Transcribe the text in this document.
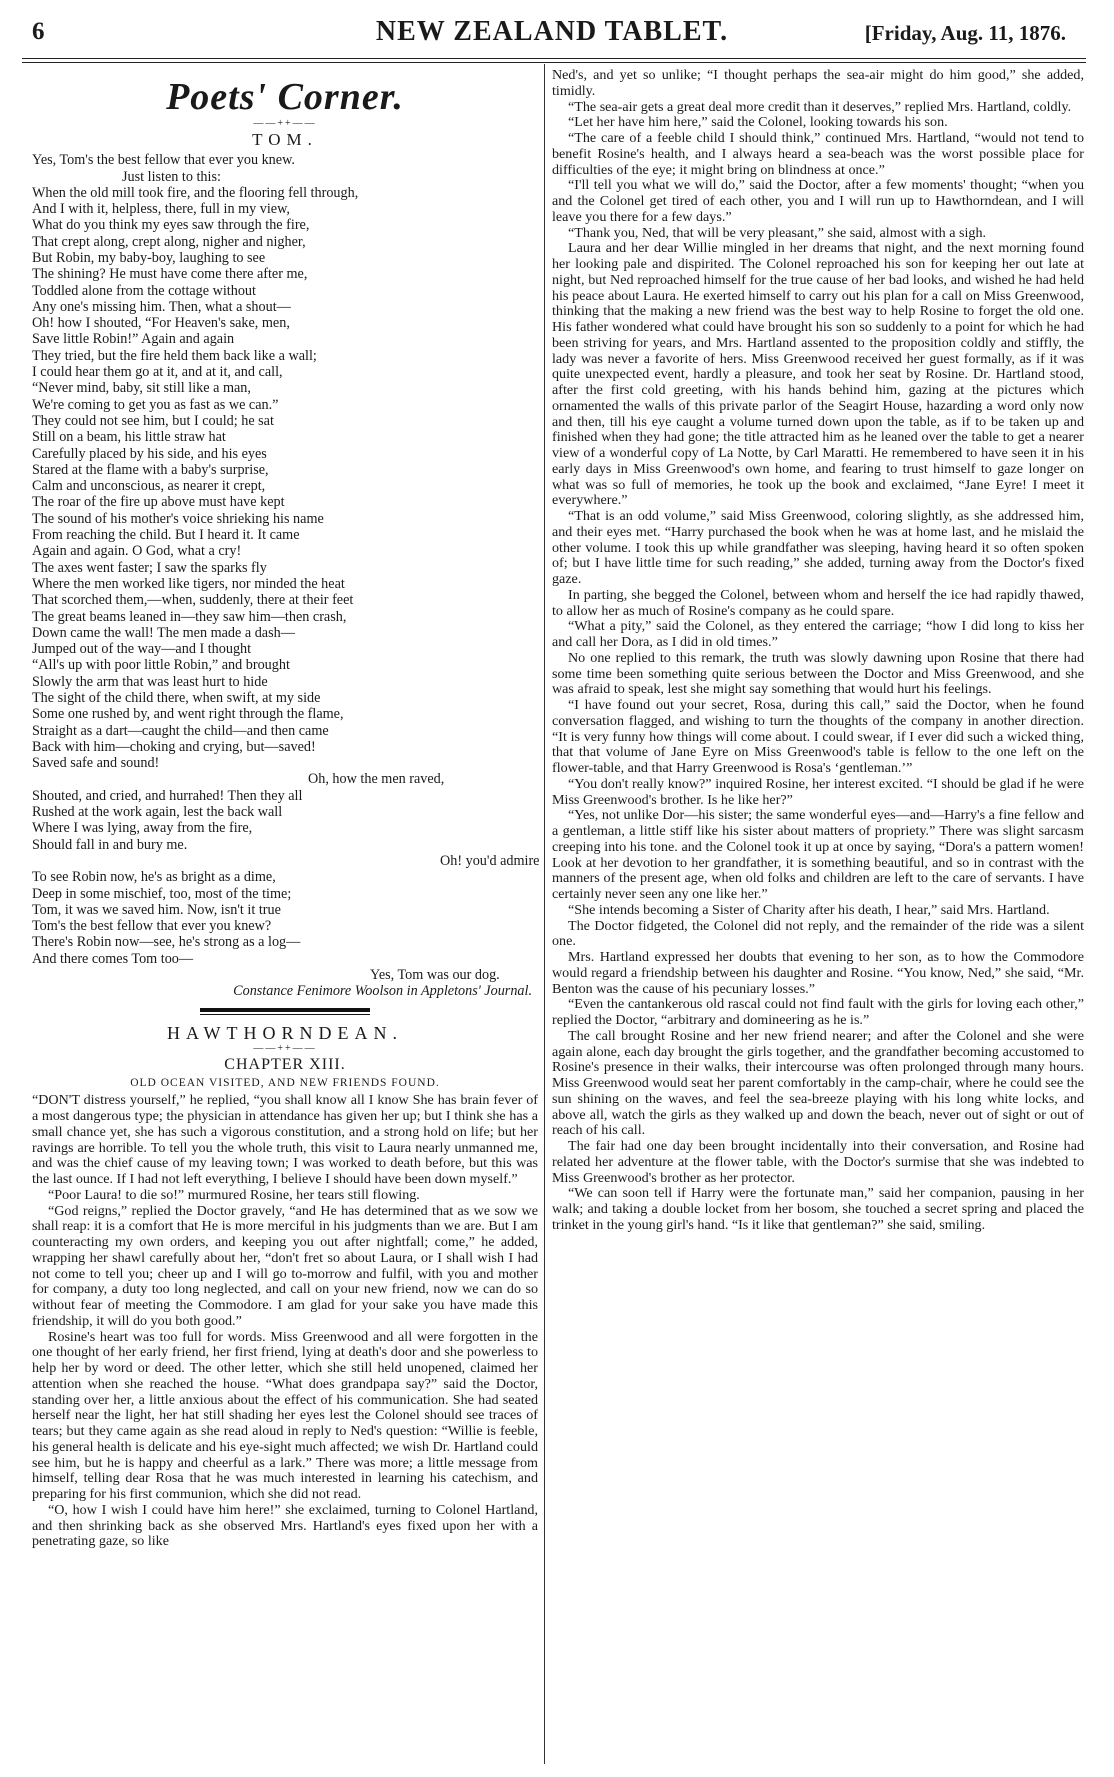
6	NEW ZEALAND TABLET.	[Friday, Aug. 11, 1876.
Poets' Corner.
——++——
TOM.

Yes, Tom's the best fellow that ever you knew.

Just listen to this:

When the old mill took fire, and the flooring fell through,

And I with it, helpless, there, full in my view,

What do you think my eyes saw through the fire,

That crept along, crept along, nigher and nigher,

But Robin, my baby-boy, laughing to see

The shining? He must have come there after me,

Toddled alone from the cottage without

Any one's missing him. Then, what a shout—

Oh! how I shouted, “For Heaven's sake, men,

Save little Robin!” Again and again

They tried, but the fire held them back like a wall;

I could hear them go at it, and at it, and call,

“Never mind, baby, sit still like a man,

We're coming to get you as fast as we can.”

They could not see him, but I could; he sat

Still on a beam, his little straw hat

Carefully placed by his side, and his eyes

Stared at the flame with a baby's surprise,

Calm and unconscious, as nearer it crept,

The roar of the fire up above must have kept

The sound of his mother's voice shrieking his name

From reaching the child. But I heard it. It came

Again and again. O God, what a cry!

The axes went faster; I saw the sparks fly

Where the men worked like tigers, nor minded the heat

That scorched them,—when, suddenly, there at their feet

The great beams leaned in—they saw him—then crash,

Down came the wall! The men made a dash—

Jumped out of the way—and I thought

“All's up with poor little Robin,” and brought

Slowly the arm that was least hurt to hide

The sight of the child there, when swift, at my side

Some one rushed by, and went right through the flame,

Straight as a dart—caught the child—and then came

Back with him—choking and crying, but—saved!

Saved safe and sound!

Oh, how the men raved,

Shouted, and cried, and hurrahed! Then they all

Rushed at the work again, lest the back wall

Where I was lying, away from the fire,

Should fall in and bury me.

Oh! you'd admire

To see Robin now, he's as bright as a dime,

Deep in some mischief, too, most of the time;

Tom, it was we saved him. Now, isn't it true

Tom's the best fellow that ever you knew?

There's Robin now—see, he's strong as a log—

And there comes Tom too—

Yes, Tom was our dog.

Constance Fenimore Woolson in Appletons' Journal.

HAWTHORNDEAN.
——++——
CHAPTER XIII.
OLD OCEAN VISITED, AND NEW FRIENDS FOUND.

“DON'T distress yourself,” he replied, “you shall know all I know She has brain fever of a most dangerous type; the physician in attendance has given her up; but I think she has a small chance yet, she has such a vigorous constitution, and a strong hold on life; but her ravings are horrible. To tell you the whole truth, this visit to Laura nearly unmanned me, and was the chief cause of my leaving town; I was worked to death before, but this was the last ounce. If I had not left everything, I believe I should have been down myself.”

“Poor Laura! to die so!” murmured Rosine, her tears still flowing.

“God reigns,” replied the Doctor gravely, “and He has determined that as we sow we shall reap: it is a comfort that He is more merciful in his judgments than we are. But I am counteracting my own orders, and keeping you out after nightfall; come,” he added, wrapping her shawl carefully about her, “don't fret so about Laura, or I shall wish I had not come to tell you; cheer up and I will go to-morrow and fulfil, with you and mother for company, a duty too long neglected, and call on your new friend, now we can do so without fear of meeting the Commodore. I am glad for your sake you have made this friendship, it will do you both good.”

Rosine's heart was too full for words. Miss Greenwood and all were forgotten in the one thought of her early friend, her first friend, lying at death's door and she powerless to help her by word or deed. The other letter, which she still held unopened, claimed her attention when she reached the house. “What does grandpapa say?” said the Doctor, standing over her, a little anxious about the effect of his communication. She had seated herself near the light, her hat still shading her eyes lest the Colonel should see traces of tears; but they came again as she read aloud in reply to Ned's question: “Willie is feeble, his general health is delicate and his eye-sight much affected; we wish Dr. Hartland could see him, but he is happy and cheerful as a lark.” There was more; a little message from himself, telling dear Rosa that he was much interested in learning his catechism, and preparing for his first communion, which she did not read.

“O, how I wish I could have him here!” she exclaimed, turning to Colonel Hartland, and then shrinking back as she observed Mrs. Hartland's eyes fixed upon her with a penetrating gaze, so like

Ned's, and yet so unlike; “I thought perhaps the sea-air might do him good,” she added, timidly.

“The sea-air gets a great deal more credit than it deserves,” replied Mrs. Hartland, coldly.

“Let her have him here,” said the Colonel, looking towards his son.

“The care of a feeble child I should think,” continued Mrs. Hartland, “would not tend to benefit Rosine's health, and I always heard a sea-beach was the worst possible place for difficulties of the eye; it might bring on blindness at once.”

“I'll tell you what we will do,” said the Doctor, after a few moments' thought; “when you and the Colonel get tired of each other, you and I will run up to Hawthorndean, and I will leave you there for a few days.”

“Thank you, Ned, that will be very pleasant,” she said, almost with a sigh.

Laura and her dear Willie mingled in her dreams that night, and the next morning found her looking pale and dispirited. The Colonel reproached his son for keeping her out late at night, but Ned reproached himself for the true cause of her bad looks, and wished he had held his peace about Laura. He exerted himself to carry out his plan for a call on Miss Greenwood, thinking that the making a new friend was the best way to help Rosine to forget the old one. His father wondered what could have brought his son so suddenly to a point for which he had been striving for years, and Mrs. Hartland assented to the proposition coldly and stiffly, the lady was never a favorite of hers. Miss Greenwood received her guest formally, as if it was quite unexpected event, hardly a pleasure, and took her seat by Rosine. Dr. Hartland stood, after the first cold greeting, with his hands behind him, gazing at the pictures which ornamented the walls of this private parlor of the Seagirt House, hazarding a word only now and then, till his eye caught a volume turned down upon the table, as if to be taken up and finished when they had gone; the title attracted him as he leaned over the table to get a nearer view of a wonderful copy of La Notte, by Carl Maratti. He remembered to have seen it in his early days in Miss Greenwood's own home, and fearing to trust himself to gaze longer on what was so full of memories, he took up the book and exclaimed, “Jane Eyre! I meet it everywhere.”

“That is an odd volume,” said Miss Greenwood, coloring slightly, as she addressed him, and their eyes met. “Harry purchased the book when he was at home last, and he mislaid the other volume. I took this up while grandfather was sleeping, having heard it so often spoken of; but I have little time for such reading,” she added, turning away from the Doctor's fixed gaze.

In parting, she begged the Colonel, between whom and herself the ice had rapidly thawed, to allow her as much of Rosine's company as he could spare.

“What a pity,” said the Colonel, as they entered the carriage; “how I did long to kiss her and call her Dora, as I did in old times.”

No one replied to this remark, the truth was slowly dawning upon Rosine that there had some time been something quite serious between the Doctor and Miss Greenwood, and she was afraid to speak, lest she might say something that would hurt his feelings.

“I have found out your secret, Rosa, during this call,” said the Doctor, when he found conversation flagged, and wishing to turn the thoughts of the company in another direction. “It is very funny how things will come about. I could swear, if I ever did such a wicked thing, that that volume of Jane Eyre on Miss Greenwood's table is fellow to the one left on the flower-table, and that Harry Greenwood is Rosa's ‘gentleman.’”

“You don't really know?” inquired Rosine, her interest excited. “I should be glad if he were Miss Greenwood's brother. Is he like her?”

“Yes, not unlike Dor—his sister; the same wonderful eyes—and—Harry's a fine fellow and a gentleman, a little stiff like his sister about matters of propriety.” There was slight sarcasm creeping into his tone. and the Colonel took it up at once by saying, “Dora's a pattern women! Look at her devotion to her grandfather, it is something beautiful, and so in contrast with the manners of the present age, when old folks and children are left to the care of servants. I have certainly never seen any one like her.”

“She intends becoming a Sister of Charity after his death, I hear,” said Mrs. Hartland.

The Doctor fidgeted, the Colonel did not reply, and the remainder of the ride was a silent one.

Mrs. Hartland expressed her doubts that evening to her son, as to how the Commodore would regard a friendship between his daughter and Rosine. “You know, Ned,” she said, “Mr. Benton was the cause of his pecuniary losses.”

“Even the cantankerous old rascal could not find fault with the girls for loving each other,” replied the Doctor, “arbitrary and domineering as he is.”

The call brought Rosine and her new friend nearer; and after the Colonel and she were again alone, each day brought the girls together, and the grandfather becoming accustomed to Rosine's presence in their walks, their intercourse was often prolonged through many hours. Miss Greenwood would seat her parent comfortably in the camp-chair, where he could see the sun shining on the waves, and feel the sea-breeze playing with his long white locks, and above all, watch the girls as they walked up and down the beach, never out of sight or out of reach of his call.

The fair had one day been brought incidentally into their conversation, and Rosine had related her adventure at the flower table, with the Doctor's surmise that she was indebted to Miss Greenwood's brother as her protector.

“We can soon tell if Harry were the fortunate man,” said her companion, pausing in her walk; and taking a double locket from her bosom, she touched a secret spring and placed the trinket in the young girl's hand. “Is it like that gentleman?” she said, smiling.
